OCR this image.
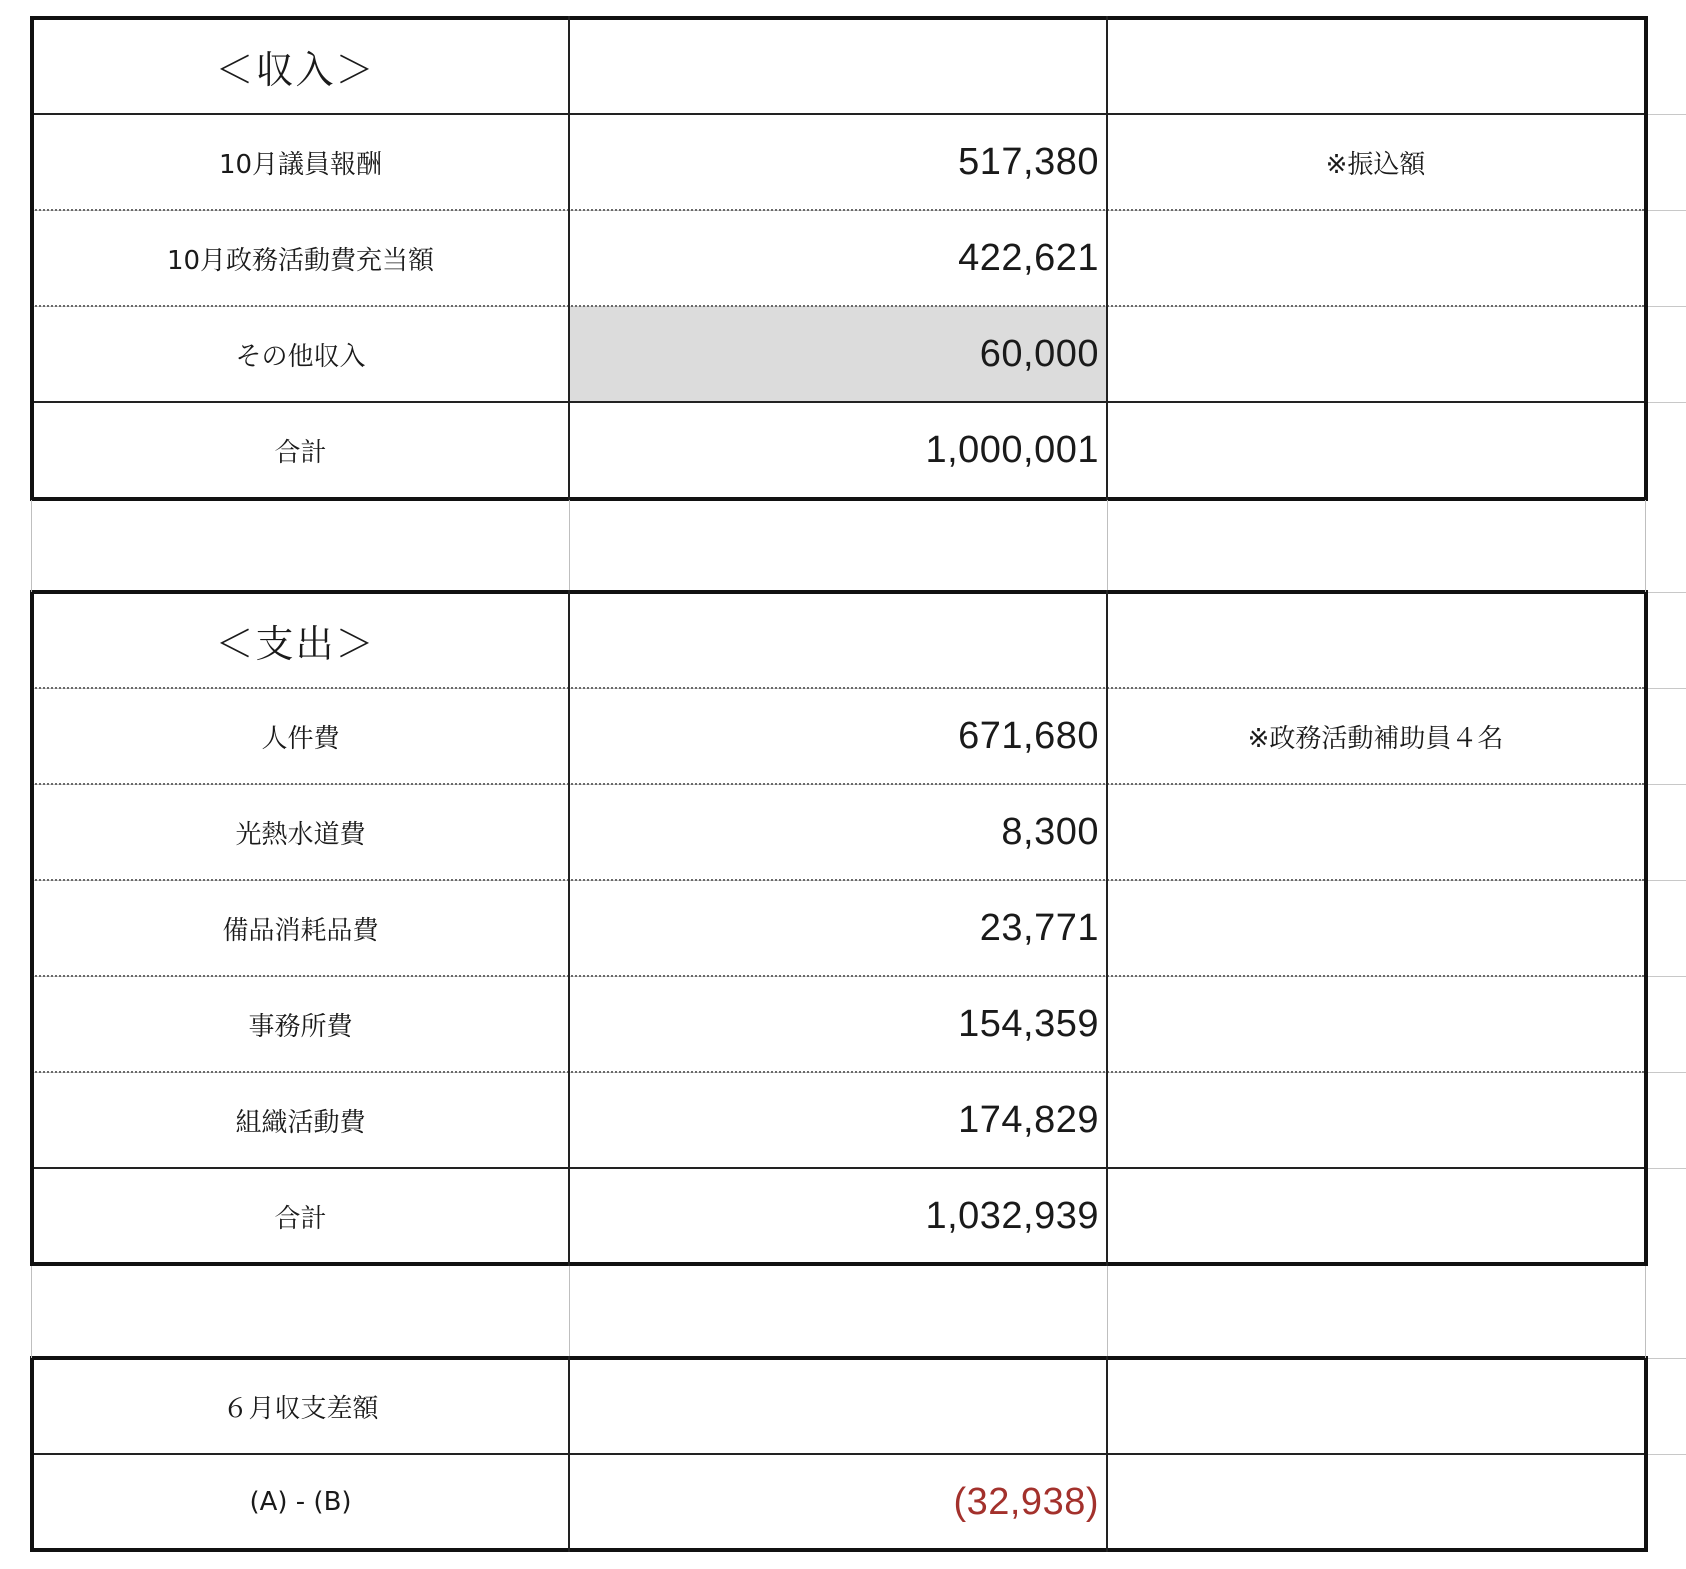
＜収入＞
10月議員報酬	517,380	※振込額
10月政務活動費充当額	422,621
その他収入	60,000
合計	1,000,001
＜支出＞
人件費	671,680	※政務活動補助員４名
光熱水道費	8,300
備品消耗品費	23,771
事務所費	154,359
組織活動費	174,829
合計	1,032,939
６月収支差額
(A) - (B)	(32,938)
